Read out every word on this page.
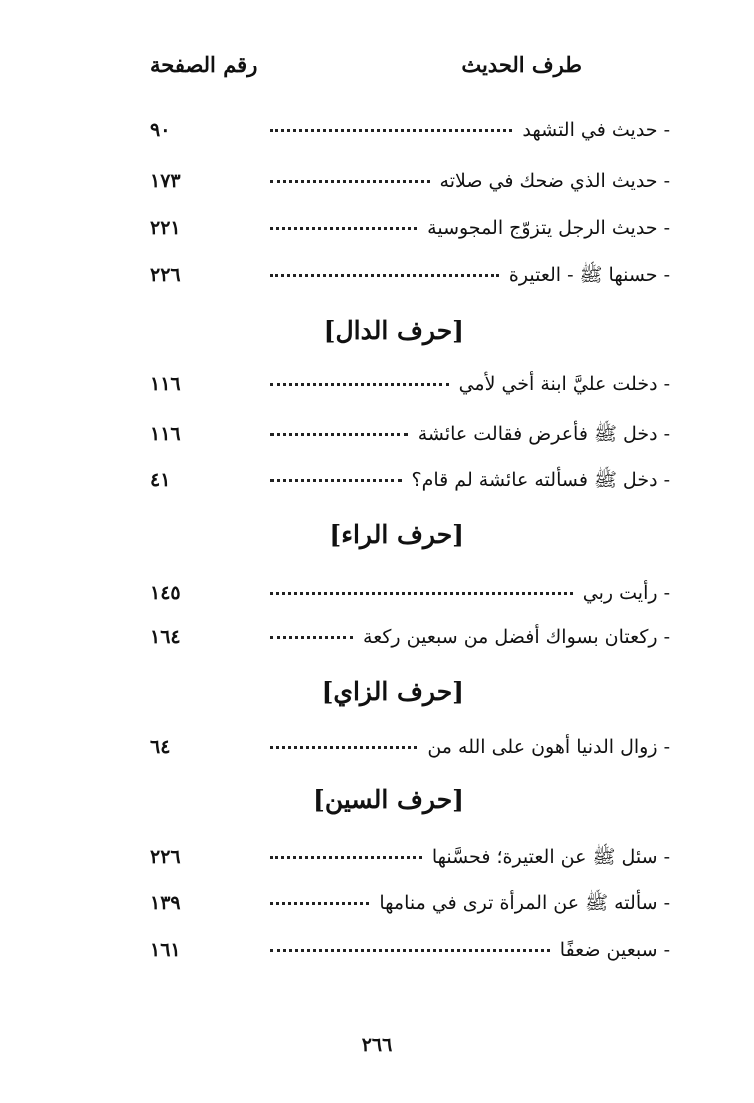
طرف الحديث
رقم الصفحة
- حديث في التشهد
٩٠
- حديث الذي ضحك في صلاته
١٧٣
- حديث الرجل يتزوّج المجوسية
٢٢١
- حسنها ﷺ - العتيرة
٢٢٦
[حرف الدال]
- دخلت عليَّ ابنة أخي لأمي
١١٦
- دخل ﷺ فأعرض فقالت عائشة
١١٦
- دخل ﷺ فسألته عائشة لم قام؟
٤١
[حرف الراء]
- رأيت ربي
١٤٥
- ركعتان بسواك أفضل من سبعين ركعة
١٦٤
[حرف الزاي]
- زوال الدنيا أهون على الله من
٦٤
[حرف السين]
- سئل ﷺ عن العتيرة؛ فحسَّنها
٢٢٦
- سألته ﷺ عن المرأة ترى في منامها
١٣٩
- سبعين ضعفًا
١٦١
٢٦٦
